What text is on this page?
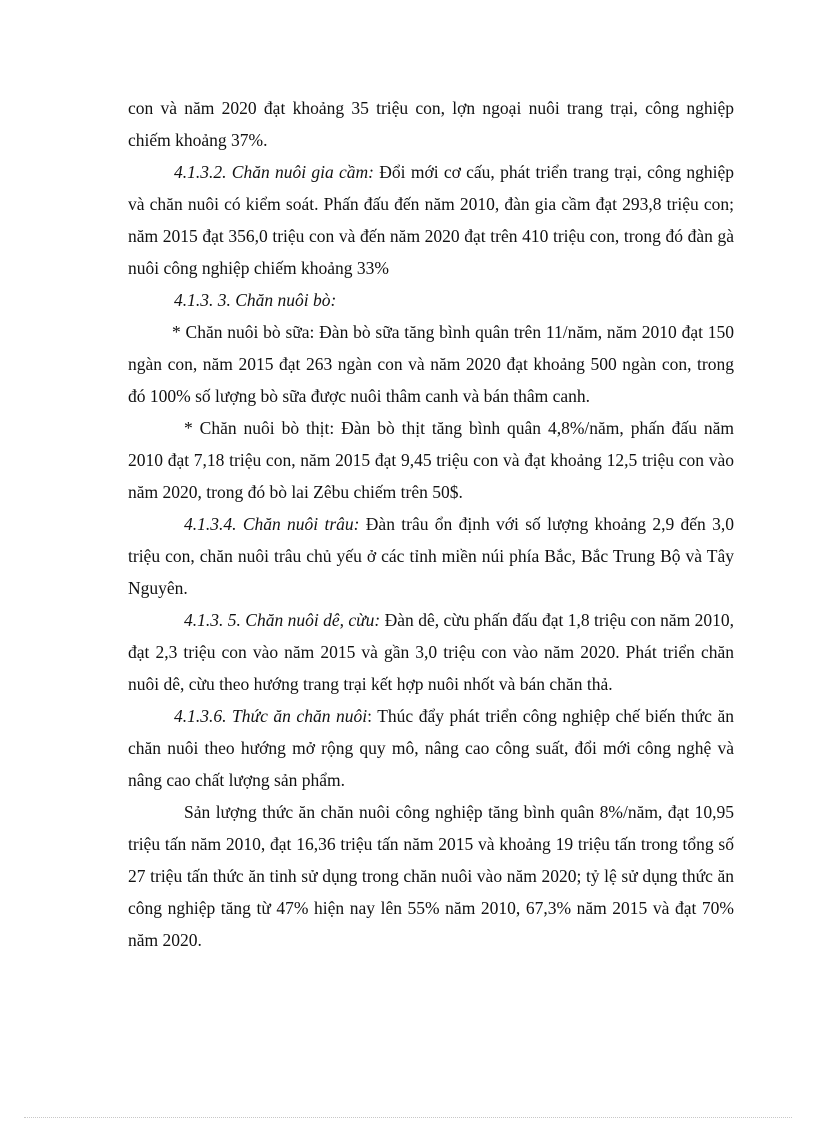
con và năm 2020 đạt khoảng 35 triệu con, lợn ngoại nuôi trang trại, công nghiệp chiếm khoảng 37%.

4.1.3.2. Chăn nuôi gia cầm: Đổi mới cơ cấu, phát triển trang trại, công nghiệp và chăn nuôi có kiểm soát. Phấn đấu đến năm 2010, đàn gia cầm đạt 293,8 triệu con; năm 2015 đạt 356,0 triệu con và đến năm 2020 đạt trên 410 triệu con, trong đó đàn gà nuôi công nghiệp chiếm khoảng 33%

4.1.3. 3. Chăn nuôi bò:

* Chăn nuôi bò sữa: Đàn bò sữa tăng bình quân trên 11/năm, năm 2010 đạt 150 ngàn con, năm 2015 đạt 263 ngàn con và năm 2020 đạt khoảng 500 ngàn con, trong đó 100% số lượng bò sữa được nuôi thâm canh và bán thâm canh.

* Chăn nuôi bò thịt: Đàn bò thịt tăng bình quân 4,8%/năm, phấn đấu năm 2010 đạt 7,18 triệu con, năm 2015 đạt 9,45 triệu con và đạt khoảng 12,5 triệu con vào năm 2020, trong đó bò lai Zêbu chiếm trên 50$.

4.1.3.4. Chăn nuôi trâu: Đàn trâu ổn định với số lượng khoảng 2,9 đến 3,0 triệu con, chăn nuôi trâu chủ yếu ở các tỉnh miền núi phía Bắc, Bắc Trung Bộ và Tây Nguyên.

4.1.3. 5. Chăn nuôi dê, cừu: Đàn dê, cừu phấn đấu đạt 1,8 triệu con năm 2010, đạt 2,3 triệu con vào năm 2015 và gần 3,0 triệu con vào năm 2020. Phát triển chăn nuôi dê, cừu theo hướng trang trại kết hợp nuôi nhốt và bán chăn thả.

4.1.3.6. Thức ăn chăn nuôi: Thúc đẩy phát triển công nghiệp chế biến thức ăn chăn nuôi theo hướng mở rộng quy mô, nâng cao công suất, đổi mới công nghệ và nâng cao chất lượng sản phẩm.

Sản lượng thức ăn chăn nuôi công nghiệp tăng bình quân 8%/năm, đạt 10,95 triệu tấn năm 2010, đạt 16,36 triệu tấn năm 2015 và khoảng 19 triệu tấn trong tổng số 27 triệu tấn thức ăn tinh sử dụng trong chăn nuôi vào năm 2020; tỷ lệ sử dụng thức ăn công nghiệp tăng từ 47% hiện nay lên 55% năm 2010, 67,3% năm 2015 và đạt 70% năm 2020.
